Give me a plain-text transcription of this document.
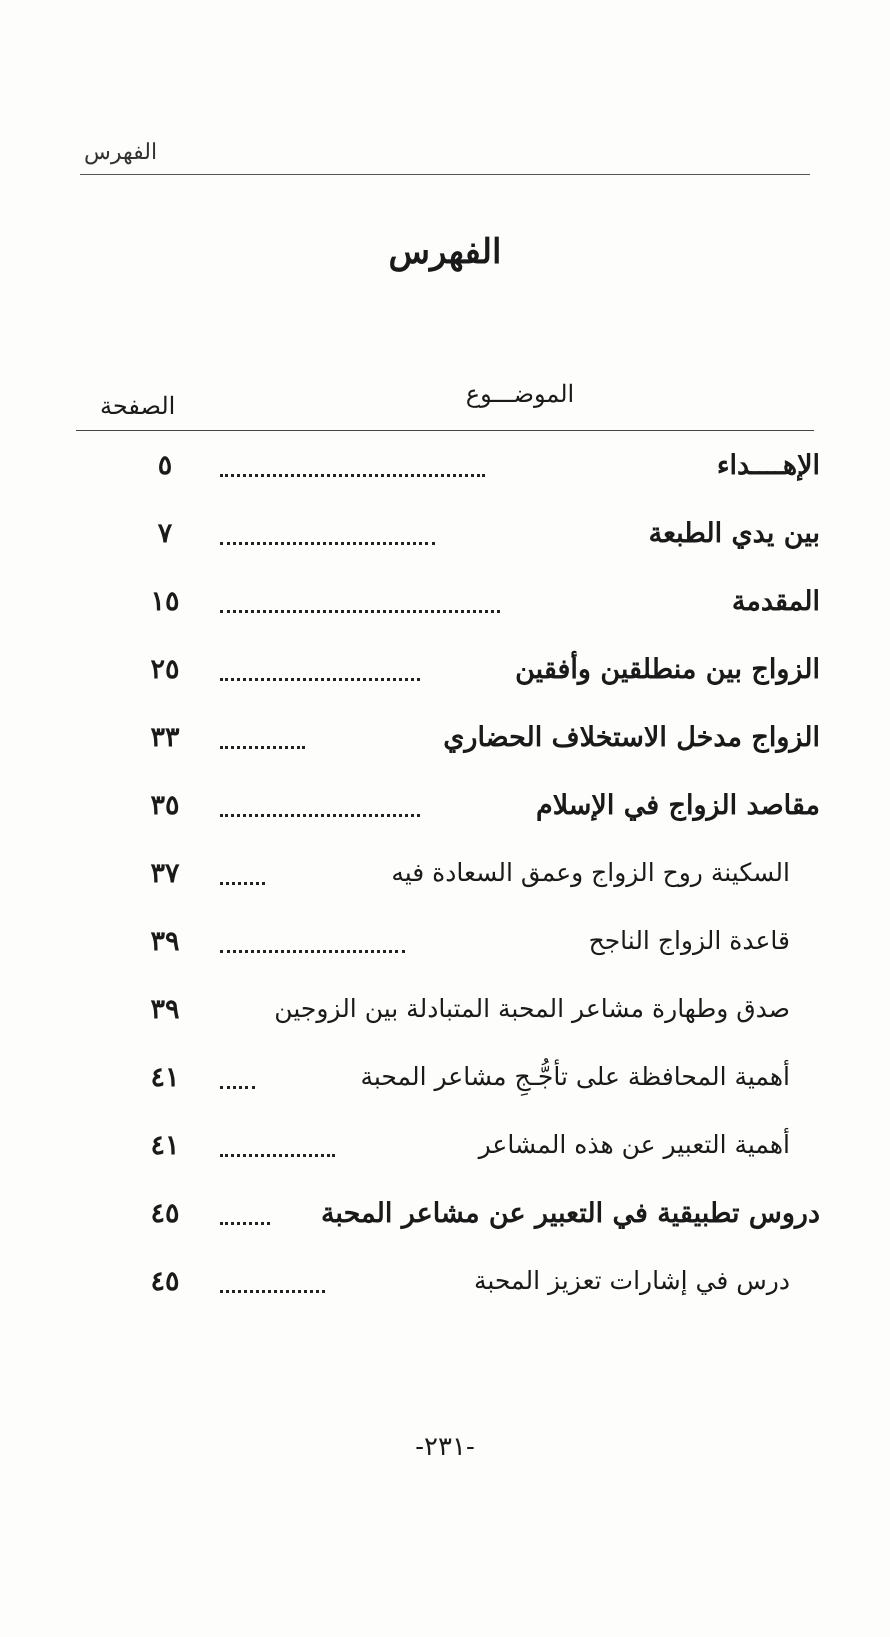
الفهرس
الفهرس
الصفحة	الموضـــوع
الإهــــداء
٥
بين يدي الطبعة
٧
المقدمة
١٥
الزواج بين منطلقين وأفقين
٢٥
الزواج مدخل الاستخلاف الحضاري
٣٣
مقاصد الزواج في الإسلام
٣٥
السكينة روح الزواج وعمق السعادة فيه
٣٧
قاعدة الزواج الناجح
٣٩
صدق وطهارة مشاعر المحبة المتبادلة بين الزوجين
٣٩
أهمية المحافظة على تأجُّـجِ مشاعر المحبة
٤١
أهمية التعبير عن هذه المشاعر
٤١
دروس تطبيقية في التعبير عن مشاعر المحبة
٤٥
درس في إشارات تعزيز المحبة
٤٥
-٢٣١-
